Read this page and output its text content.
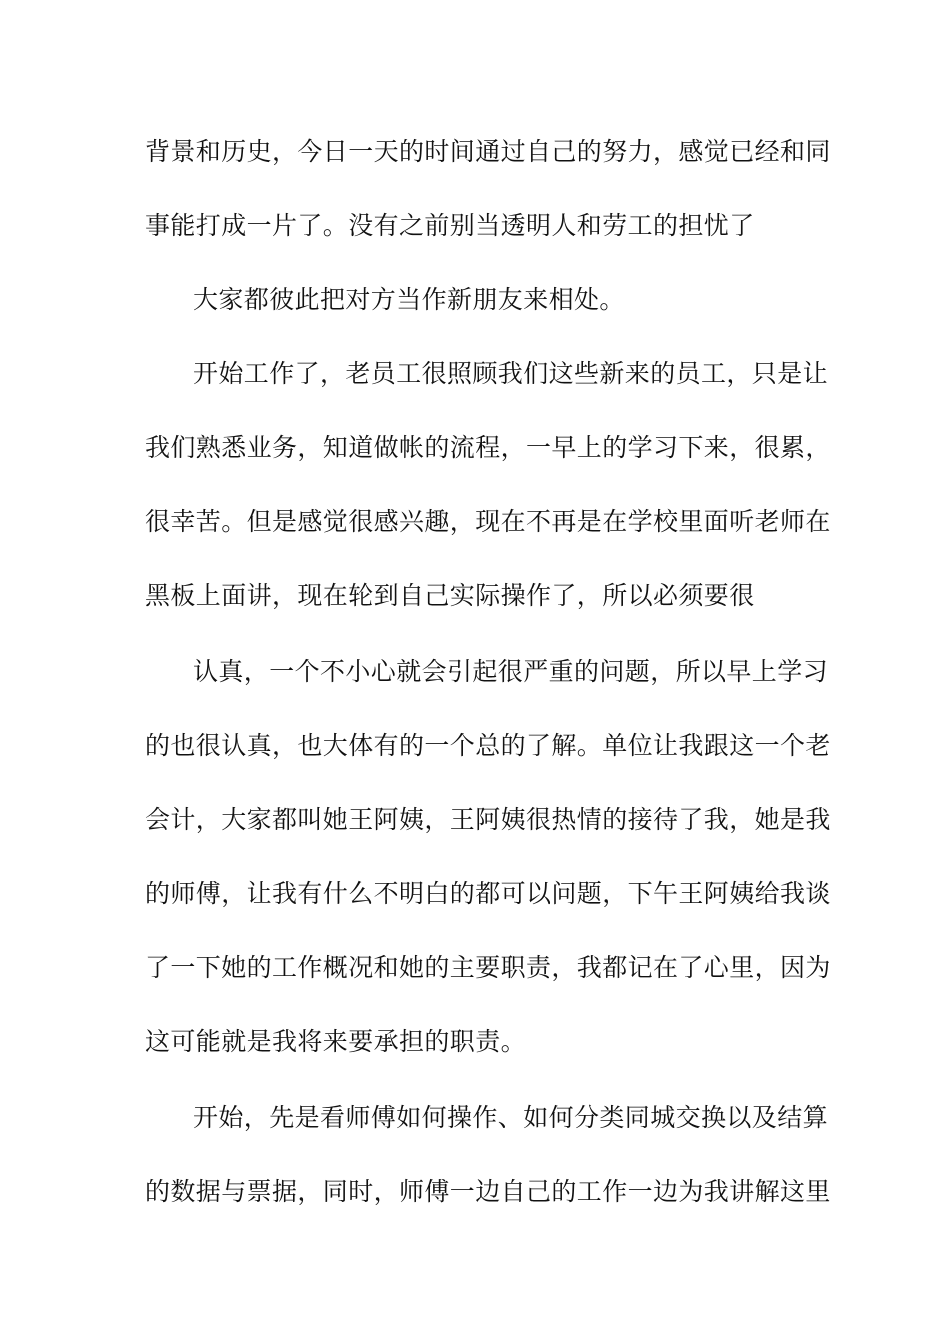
背景和历史，今日一天的时间通过自己的努力，感觉已经和同
事能打成一片了。没有之前别当透明人和劳工的担忧了
大家都彼此把对方当作新朋友来相处。
开始工作了，老员工很照顾我们这些新来的员工，只是让
我们熟悉业务，知道做帐的流程，一早上的学习下来，很累，
很幸苦。但是感觉很感兴趣，现在不再是在学校里面听老师在
黑板上面讲，现在轮到自己实际操作了，所以必须要很
认真，一个不小心就会引起很严重的问题，所以早上学习
的也很认真，也大体有的一个总的了解。单位让我跟这一个老
会计，大家都叫她王阿姨，王阿姨很热情的接待了我，她是我
的师傅，让我有什么不明白的都可以问题，下午王阿姨给我谈
了一下她的工作概况和她的主要职责，我都记在了心里，因为
这可能就是我将来要承担的职责。
开始，先是看师傅如何操作、如何分类同城交换以及结算
的数据与票据，同时，师傅一边自己的工作一边为我讲解这里
